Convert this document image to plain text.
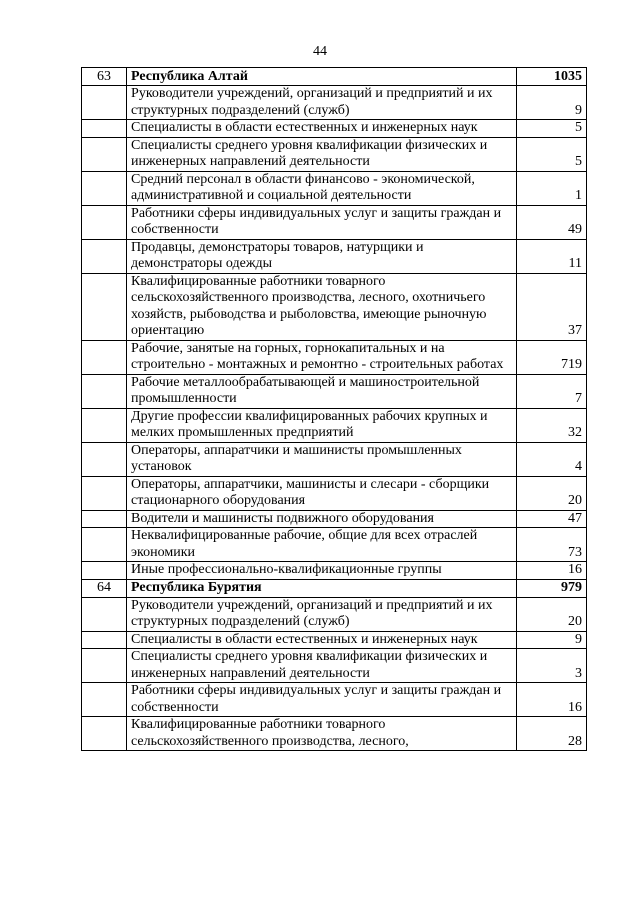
44
63	Республика Алтай	1035
	Руководители учреждений, организаций и предприятий и их структурных подразделений (служб)	9
	Специалисты в области естественных и инженерных наук	5
	Специалисты среднего уровня квалификации физических и инженерных направлений деятельности	5
	Средний персонал в области финансово - экономической, административной и социальной деятельности	1
	Работники сферы индивидуальных услуг и защиты граждан и собственности	49
	Продавцы, демонстраторы товаров, натурщики и демонстраторы одежды	11
	Квалифицированные работники товарного сельскохозяйственного производства, лесного, охотничьего хозяйств, рыбоводства и рыболовства, имеющие рыночную ориентацию	37
	Рабочие, занятые на горных, горнокапитальных и на строительно - монтажных и ремонтно - строительных работах	719
	Рабочие металлообрабатывающей и машиностроительной промышленности	7
	Другие профессии квалифицированных рабочих крупных и мелких промышленных предприятий	32
	Операторы, аппаратчики и машинисты промышленных установок	4
	Операторы, аппаратчики, машинисты и слесари - сборщики стационарного оборудования	20
	Водители и машинисты подвижного оборудования	47
	Неквалифицированные рабочие, общие для всех отраслей экономики	73
	Иные профессионально-квалификационные группы	16
64	Республика Бурятия	979
	Руководители учреждений, организаций и предприятий и их структурных подразделений (служб)	20
	Специалисты в области естественных и инженерных наук	9
	Специалисты среднего уровня квалификации физических и инженерных направлений деятельности	3
	Работники сферы индивидуальных услуг и защиты граждан и собственности	16
	Квалифицированные работники товарного сельскохозяйственного производства, лесного,	28
